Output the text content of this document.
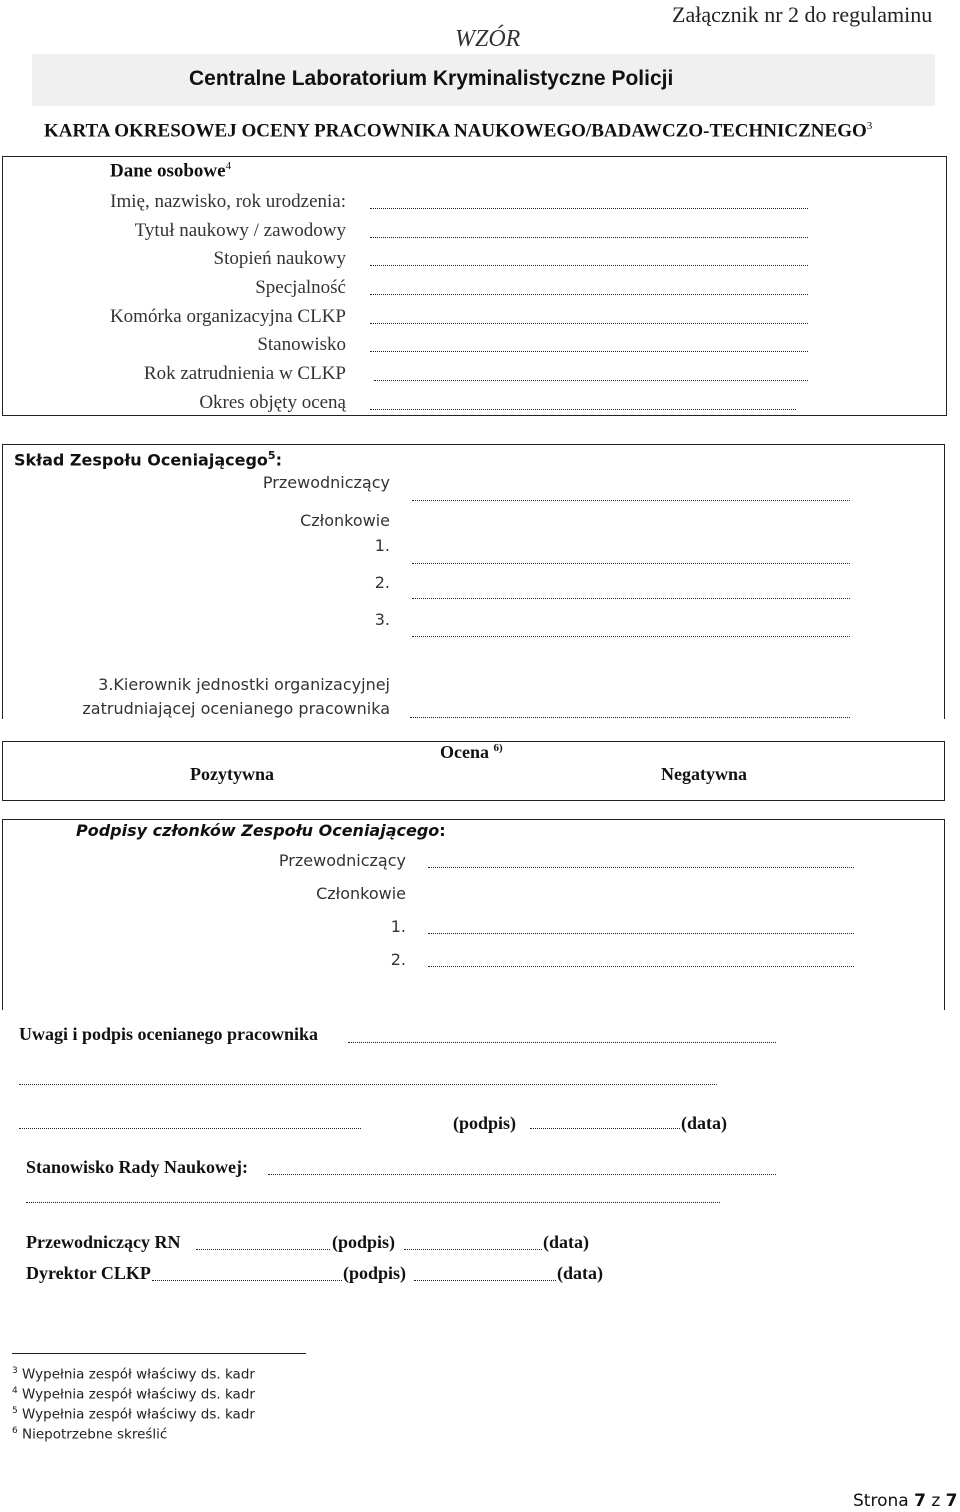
WZÓR
Załącznik nr 2 do regulaminu
Centralne Laboratorium Kryminalistyczne Policji
KARTA OKRESOWEJ OCENY PRACOWNIKA NAUKOWEGO/BADAWCZO-TECHNICZNEGO$^3$
Dane osobowe$^4$
Imię, nazwisko, rok urodzenia:
Tytuł naukowy / zawodowy
Stopień naukowy
Specjalność
Komórka organizacyjna CLKP
Stanowisko
Rok zatrudnienia w CLKP
Okres objęty oceną
Skład Zespołu Oceniającego$^5$:
Przewodniczący
Członkowie
1.
2.
3.
3.Kierownik jednostki organizacyjnej
zatrudniającej ocenianego pracownika
Ocena $^{6)}$
Pozytywna	Negatywna
Podpisy członków Zespołu Oceniającego:
Przewodniczący
Członkowie
1.
2.
Uwagi i podpis ocenianego pracownika
(podpis)	(data)
Stanowisko Rady Naukowej:
Przewodniczący RN	(podpis)	(data)
Dyrektor CLKP	(podpis)	(data)
$^3$ Wypełnia zespół właściwy ds. kadr
$^4$ Wypełnia zespół właściwy ds. kadr
$^5$ Wypełnia zespół właściwy ds. kadr
$^6$ Niepotrzebne skreślić
Strona 7 z 7
